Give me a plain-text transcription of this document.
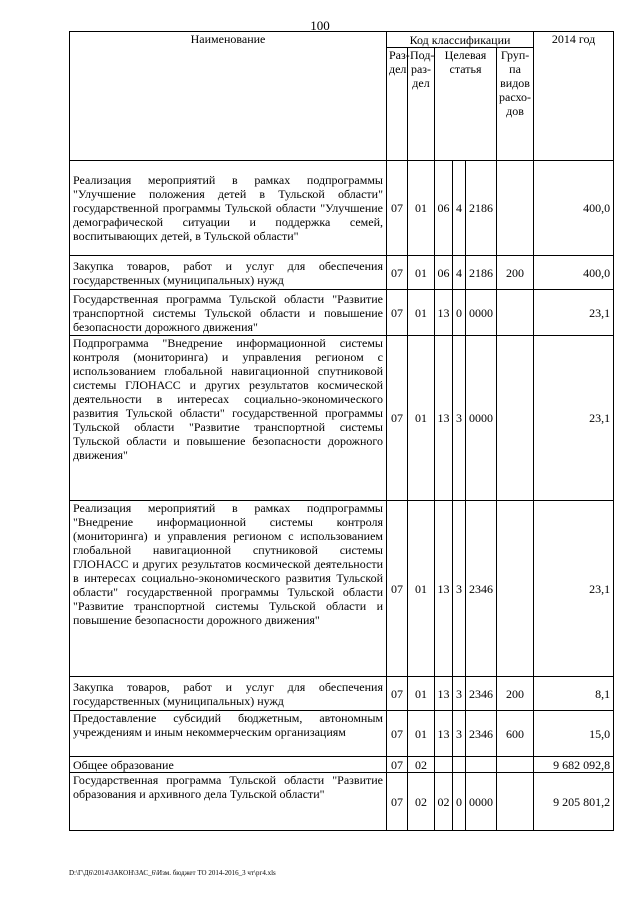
100
Наименование	Код классификации						2014 год
	Раз-дел	Под-раз-дел	Целевая статья			Груп-па видов расхо-дов	
Реализация мероприятий в рамках подпрограммы "Улучшение положения детей в Тульской области" государственной программы Тульской области "Улучшение демографической ситуации и поддержка семей, воспитывающих детей, в Тульской области"	07	01	06	4	2186		400,0
Закупка товаров, работ и услуг для обеспечения государственных (муниципальных) нужд	07	01	06	4	2186	200	400,0
Государственная программа Тульской области "Развитие транспортной системы Тульской области и повышение безопасности дорожного движения"	07	01	13	0	0000		23,1
Подпрограмма "Внедрение информационной системы контроля (мониторинга) и управления регионом с использованием глобальной навигационной спутниковой системы ГЛОНАСС и других результатов космической деятельности в интересах социально-экономического развития Тульской области" государственной программы Тульской области "Развитие транспортной системы Тульской области и повышение безопасности дорожного движения"	07	01	13	3	0000		23,1
Реализация мероприятий в рамках подпрограммы "Внедрение информационной системы контроля (мониторинга) и управления регионом с использованием глобальной навигационной спутниковой системы ГЛОНАСС и других результатов космической деятельности в интересах социально-экономического развития Тульской области" государственной программы Тульской области "Развитие транспортной системы Тульской области и повышение безопасности дорожного движения"	07	01	13	3	2346		23,1
Закупка товаров, работ и услуг для обеспечения государственных (муниципальных) нужд	07	01	13	3	2346	200	8,1
Предоставление субсидий бюджетным, автономным учреждениям и иным некоммерческим организациям	07	01	13	3	2346	600	15,0
Общее образование	07	02					9 682 092,8
Государственная программа Тульской области "Развитие образования и архивного дела Тульской области"	07	02	02	0	0000		9 205 801,2
D:\Г\Д6\2014\ЗАКОН\ЗАС_6\Изм. бюджет ТО 2014-2016_3 чт\рг4.xls
